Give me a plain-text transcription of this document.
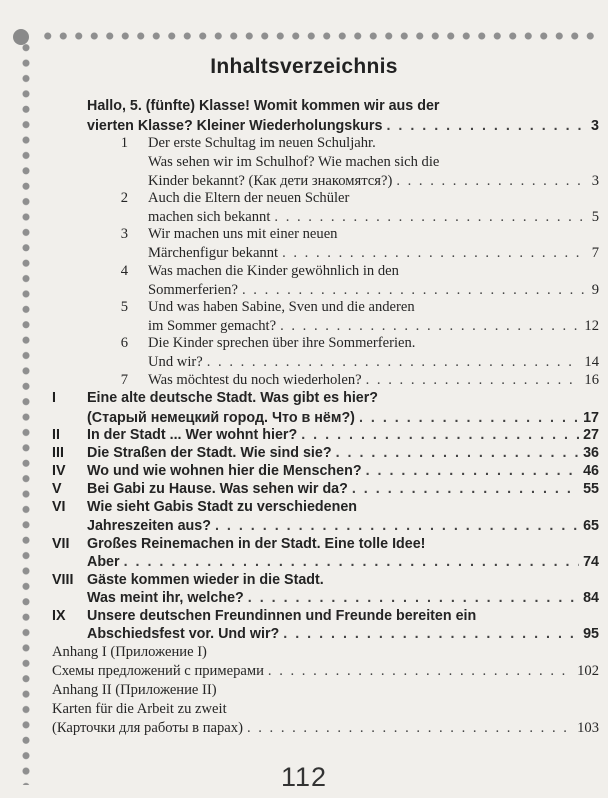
Inhaltsverzeichnis
Hallo, 5. (fünfte) Klasse! Womit kommen wir aus der
vierten Klasse? Kleiner Wiederholungskurs . . .	3
1 Der erste Schultag im neuen Schuljahr.
Was sehen wir im Schulhof? Wie machen sich die
Kinder bekannt? (Как дети знакомятся?) . . .	3
2 Auch die Eltern der neuen Schüler
machen sich bekannt . . .	5
3 Wir machen uns mit einer neuen
Märchenfigur bekannt . . .	7
4 Was machen die Kinder gewöhnlich in den
Sommerferien? . . .	9
5 Und was haben Sabine, Sven und die anderen
im Sommer gemacht? . . .	12
6 Die Kinder sprechen über ihre Sommerferien.
Und wir? . . .	14
7 Was möchtest du noch wiederholen? . . .	16
I Eine alte deutsche Stadt. Was gibt es hier?
(Старый немецкий город. Что в нём?) . . .	17
II In der Stadt ... Wer wohnt hier? . . .	27
III Die Straßen der Stadt. Wie sind sie? . . .	36
IV Wo und wie wohnen hier die Menschen? . . .	46
V Bei Gabi zu Hause. Was sehen wir da? . . .	55
VI Wie sieht Gabis Stadt zu verschiedenen
Jahreszeiten aus? . . .	65
VII Großes Reinemachen in der Stadt. Eine tolle Idee!
Aber . . .	74
VIII Gäste kommen wieder in die Stadt.
Was meint ihr, welche? . . .	84
IX Unsere deutschen Freundinnen und Freunde bereiten ein
Abschiedsfest vor. Und wir? . . .	95
Anhang I (Приложение I)
Схемы предложений с примерами . . .	102
Anhang II (Приложение II)
Karten für die Arbeit zu zweit
(Карточки для работы в парах) . . .	103
112
